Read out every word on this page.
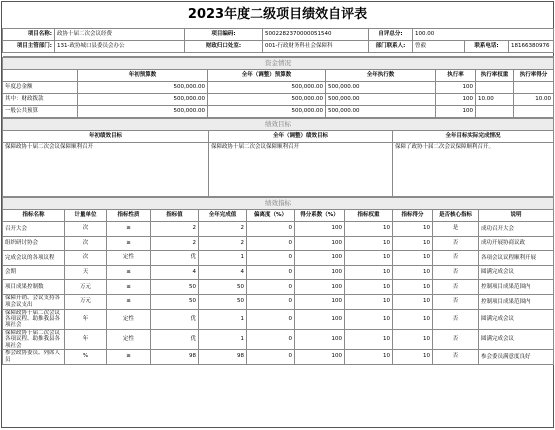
2023年度二级项目绩效自评表
项目名称:	政协十届二次会议经费	项目编码:	5002282370000051540	自评总分:	100.00		
项目主管部门:	131-政协城口县委员会办公	财政归口处室:	001-行政财务科社会保障科	部门联系人:	曾毅	联系电话:	18166380976

资金情况						
	年初预算数	全年（调整）预算数	全年执行数	执行率	执行率权重	执行率得分
年度总金额	500,000.00	500,000.00	500,000.00	100		
其中：财政拨款	500,000.00	500,000.00	500,000.00	100	10.00	10.00
一般公共预算	500,000.00	500,000.00	500,000.00	100		
绩效目标		
年初绩效目标	全年（调整）绩效目标	全年目标实际完成情况
保障政协十届二次会议保障顺利召开	保障政协十届二次会议保障顺利召开	保障了政协十届二次会议保障顺利召开。
绩效指标										
指标名称	计量单位	指标性质	指标值	全年完成值	偏离度（%）	得分系数（%）	指标权重	指标得分	是否核心指标	说明
召开大会	次	≥	2	2	0	100	10	10	是	成功召开大会
组织研讨协会	次	≥	2	2	0	100	10	10	否	成功开展协商议政
完成会议的各项议程	次	定性	优	1	0	100	10	10	否	各项会议议程顺利开展
会期	天	≤	4	4	0	100	10	10	否	圆满完成会议
项目成果控制数	万元	≤	50	50	0	100	10	10	否	控制项目成果范围内
保障开销、会议支持各项会议支出	万元	≤	50	50	0	100	10	10	否	控制项目成果范围内
保障政协十届二次会议各项议程、助推我县各项社会	年	定性	优	1	0	100	10	10	否	圆满完成会议
保障政协十届二次会议各项议程、助推我县各项社会	年	定性	优	1	0	100	10	10	否	圆满完成会议
参会政协委员、列席人员	%	≥	98	98	0	100	10	10	否	参会委员满意度良好
